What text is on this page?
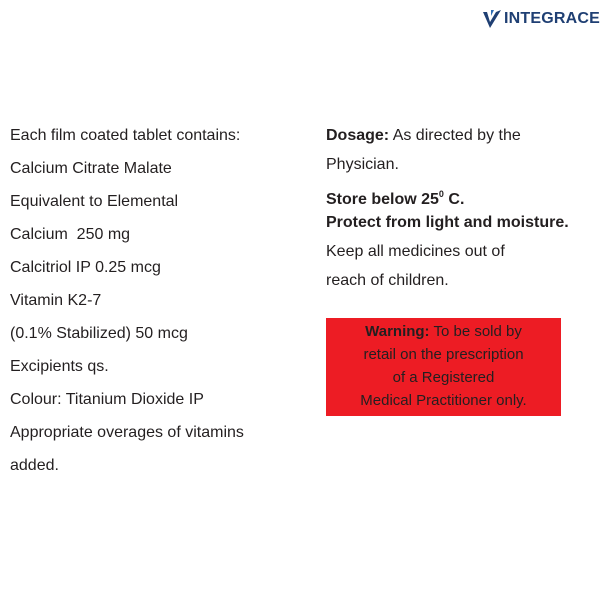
INTEGRACE
Each film coated tablet contains:
Calcium Citrate Malate
Equivalent to Elemental
Calcium  250 mg
Calcitriol IP 0.25 mcg
Vitamin K2-7
(0.1% Stabilized) 50 mcg
Excipients qs.
Colour: Titanium Dioxide IP
Appropriate overages of vitamins
added.
Dosage: As directed by the
Physician.
Store below $25^0$ C.
Protect from light and moisture.
Keep all medicines out of
reach of children.
Warning: To be sold by
retail on the prescription
of a Registered
Medical Practitioner only.
